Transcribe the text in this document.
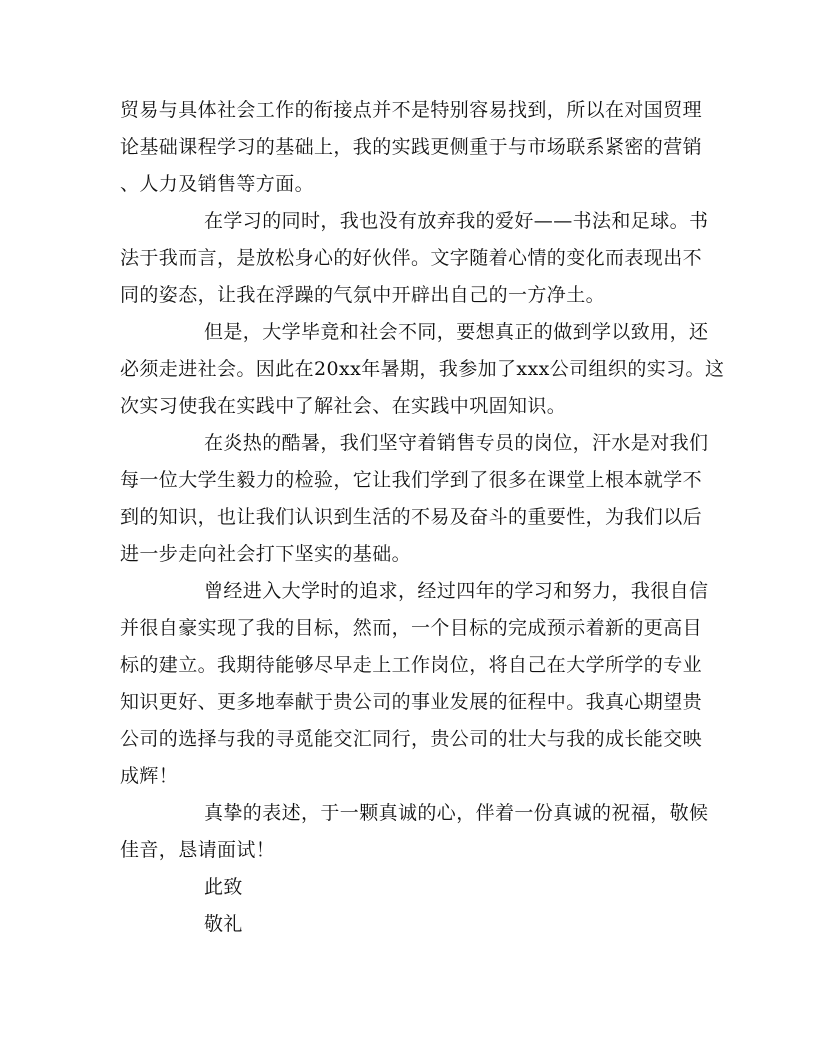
贸易与具体社会工作的衔接点并不是特别容易找到，所以在对国贸理
论基础课程学习的基础上，我的实践更侧重于与市场联系紧密的营销
、人力及销售等方面。
在学习的同时，我也没有放弃我的爱好——书法和足球。书
法于我而言，是放松身心的好伙伴。文字随着心情的变化而表现出不
同的姿态，让我在浮躁的气氛中开辟出自己的一方净土。
但是，大学毕竟和社会不同，要想真正的做到学以致用，还
必须走进社会。因此在20xx年暑期，我参加了xxx公司组织的实习。这
次实习使我在实践中了解社会、在实践中巩固知识。
在炎热的酷暑，我们坚守着销售专员的岗位，汗水是对我们
每一位大学生毅力的检验，它让我们学到了很多在课堂上根本就学不
到的知识，也让我们认识到生活的不易及奋斗的重要性，为我们以后
进一步走向社会打下坚实的基础。
曾经进入大学时的追求，经过四年的学习和努力，我很自信
并很自豪实现了我的目标，然而，一个目标的完成预示着新的更高目
标的建立。我期待能够尽早走上工作岗位，将自己在大学所学的专业
知识更好、更多地奉献于贵公司的事业发展的征程中。我真心期望贵
公司的选择与我的寻觅能交汇同行，贵公司的壮大与我的成长能交映
成辉！
真挚的表述，于一颗真诚的心，伴着一份真诚的祝福，敬候
佳音，恳请面试！
此致
敬礼
